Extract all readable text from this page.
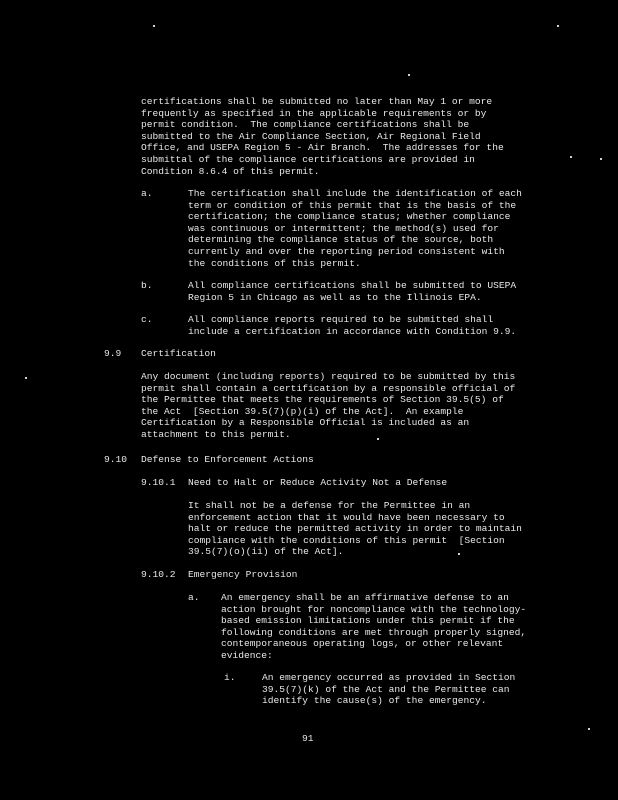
certifications shall be submitted no later than May 1 or more

frequently as specified in the applicable requirements or by

permit condition.  The compliance certifications shall be

submitted to the Air Compliance Section, Air Regional Field

Office, and USEPA Region 5 - Air Branch.  The addresses for the

submittal of the compliance certifications are provided in

Condition 8.6.4 of this permit.

a.	The certification shall include the identification of each

term or condition of this permit that is the basis of the

certification; the compliance status; whether compliance

was continuous or intermittent; the method(s) used for

determining the compliance status of the source, both

currently and over the reporting period consistent with

the conditions of this permit.

b.	All compliance certifications shall be submitted to USEPA

Region 5 in Chicago as well as to the Illinois EPA.

c.	All compliance reports required to be submitted shall

include a certification in accordance with Condition 9.9.

9.9 Certification

Any document (including reports) required to be submitted by this

permit shall contain a certification by a responsible official of

the Permittee that meets the requirements of Section 39.5(5) of

the Act  [Section 39.5(7)(p)(i) of the Act].  An example

Certification by a Responsible Official is included as an

attachment to this permit.

9.10 Defense to Enforcement Actions
9.10.1 Need to Halt or Reduce Activity Not a Defense

It shall not be a defense for the Permittee in an

enforcement action that it would have been necessary to

halt or reduce the permitted activity in order to maintain

compliance with the conditions of this permit  [Section

39.5(7)(o)(ii) of the Act].

9.10.2 Emergency Provision
a. An emergency shall be an affirmative defense to an

action brought for noncompliance with the technology-

based emission limitations under this permit if the

following conditions are met through properly signed,

contemporaneous operating logs, or other relevant

evidence:

i.	An emergency occurred as provided in Section

39.5(7)(k) of the Act and the Permittee can

identify the cause(s) of the emergency.

91
